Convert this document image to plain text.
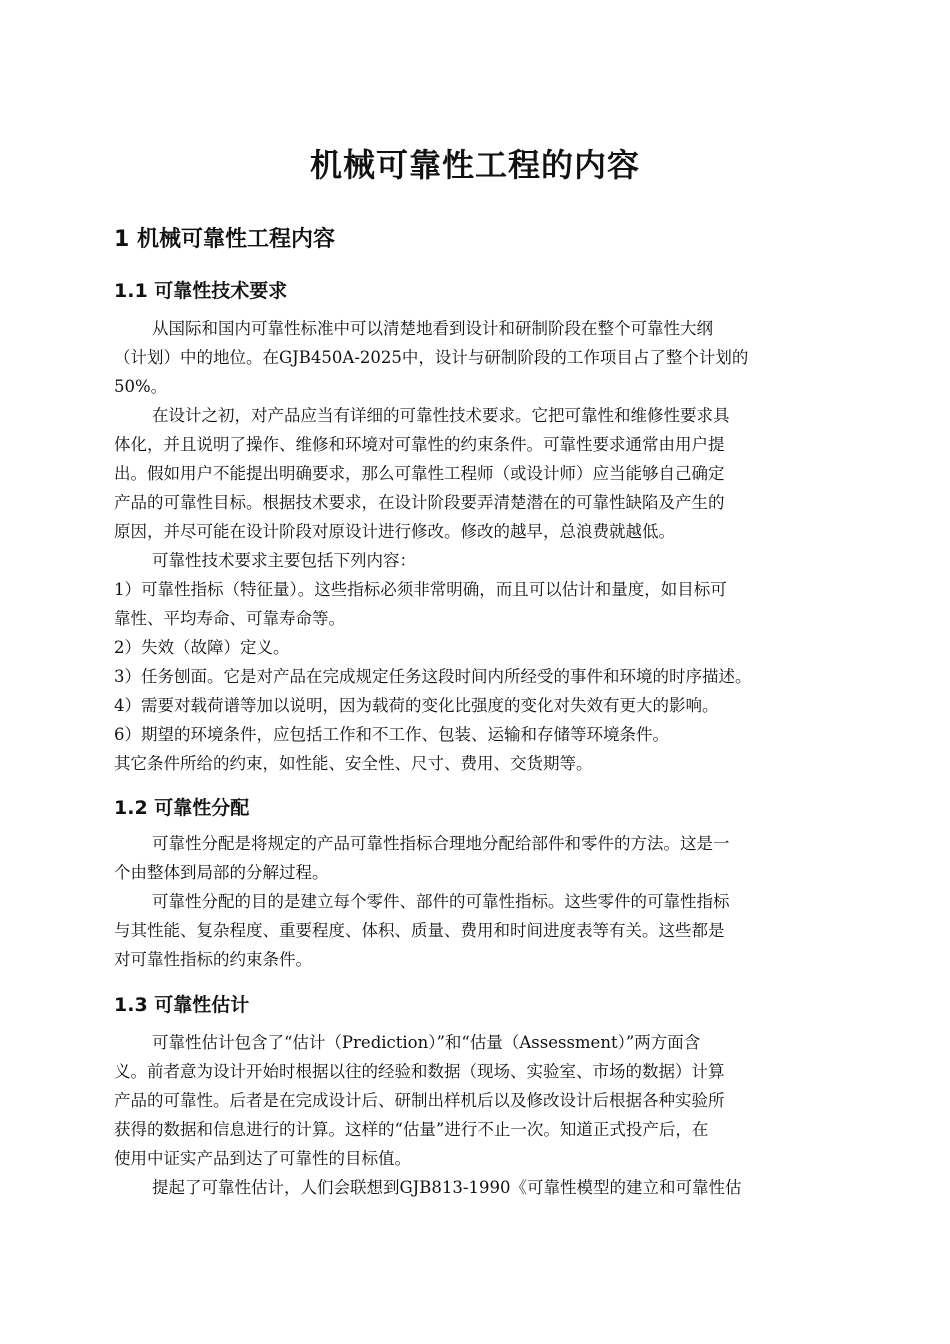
机械可靠性工程的内容
1 机械可靠性工程内容
1.1 可靠性技术要求
从国际和国内可靠性标准中可以清楚地看到设计和研制阶段在整个可靠性大纲
（计划）中的地位。在GJB450A-2025中，设计与研制阶段的工作项目占了整个计划的
50%。
在设计之初，对产品应当有详细的可靠性技术要求。它把可靠性和维修性要求具
体化，并且说明了操作、维修和环境对可靠性的约束条件。可靠性要求通常由用户提
出。假如用户不能提出明确要求，那么可靠性工程师（或设计师）应当能够自己确定
产品的可靠性目标。根据技术要求，在设计阶段要弄清楚潜在的可靠性缺陷及产生的
原因，并尽可能在设计阶段对原设计进行修改。修改的越早，总浪费就越低。
可靠性技术要求主要包括下列内容：
1）可靠性指标（特征量）。这些指标必须非常明确，而且可以估计和量度，如目标可
靠性、平均寿命、可靠寿命等。
2）失效（故障）定义。
3）任务刨面。它是对产品在完成规定任务这段时间内所经受的事件和环境的时序描述。
4）需要对载荷谱等加以说明，因为载荷的变化比强度的变化对失效有更大的影响。
6）期望的环境条件，应包括工作和不工作、包装、运输和存储等环境条件。
其它条件所给的约束，如性能、安全性、尺寸、费用、交货期等。
1.2 可靠性分配
可靠性分配是将规定的产品可靠性指标合理地分配给部件和零件的方法。这是一
个由整体到局部的分解过程。
可靠性分配的目的是建立每个零件、部件的可靠性指标。这些零件的可靠性指标
与其性能、复杂程度、重要程度、体积、质量、费用和时间进度表等有关。这些都是
对可靠性指标的约束条件。
1.3 可靠性估计
可靠性估计包含了“估计（Prediction）”和“估量（Assessment）”两方面含
义。前者意为设计开始时根据以往的经验和数据（现场、实验室、市场的数据）计算
产品的可靠性。后者是在完成设计后、研制出样机后以及修改设计后根据各种实验所
获得的数据和信息进行的计算。这样的“估量”进行不止一次。知道正式投产后，在
使用中证实产品到达了可靠性的目标值。
提起了可靠性估计，人们会联想到GJB813-1990《可靠性模型的建立和可靠性估
